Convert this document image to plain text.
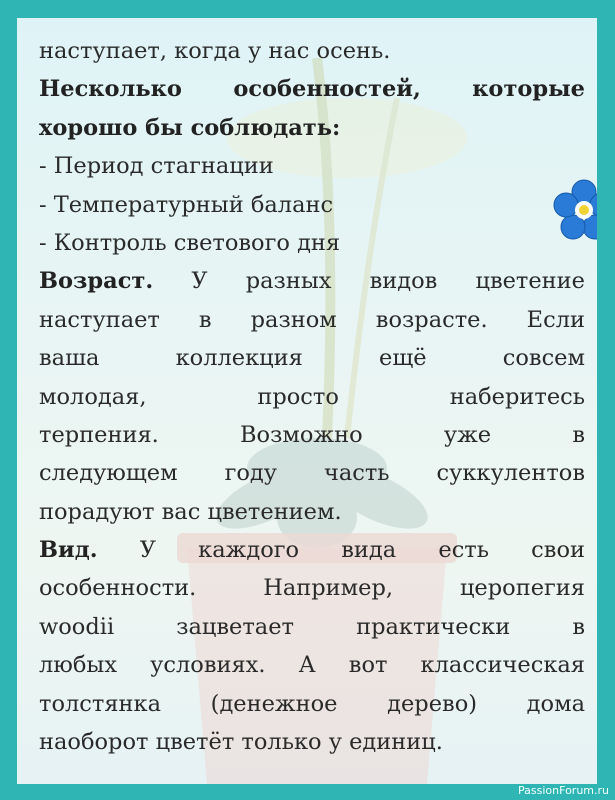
наступает, когда у нас осень.
Несколько особенностей, которые
хорошо бы соблюдать:
- Период стагнации
- Температурный баланс
- Контроль светового дня
Возраст. У разных видов цветение
наступает в разном возрасте. Если
ваша коллекция ещё совсем
молодая, просто наберитесь
терпения. Возможно уже в
следующем году часть суккулентов
порадуют вас цветением.
Вид. У каждого вида есть свои
особенности. Например, церопегия
woodii зацветает практически в
любых условиях. А вот классическая
толстянка (денежное дерево) дома
наоборот цветёт только у единиц.
PassionForum.ru
